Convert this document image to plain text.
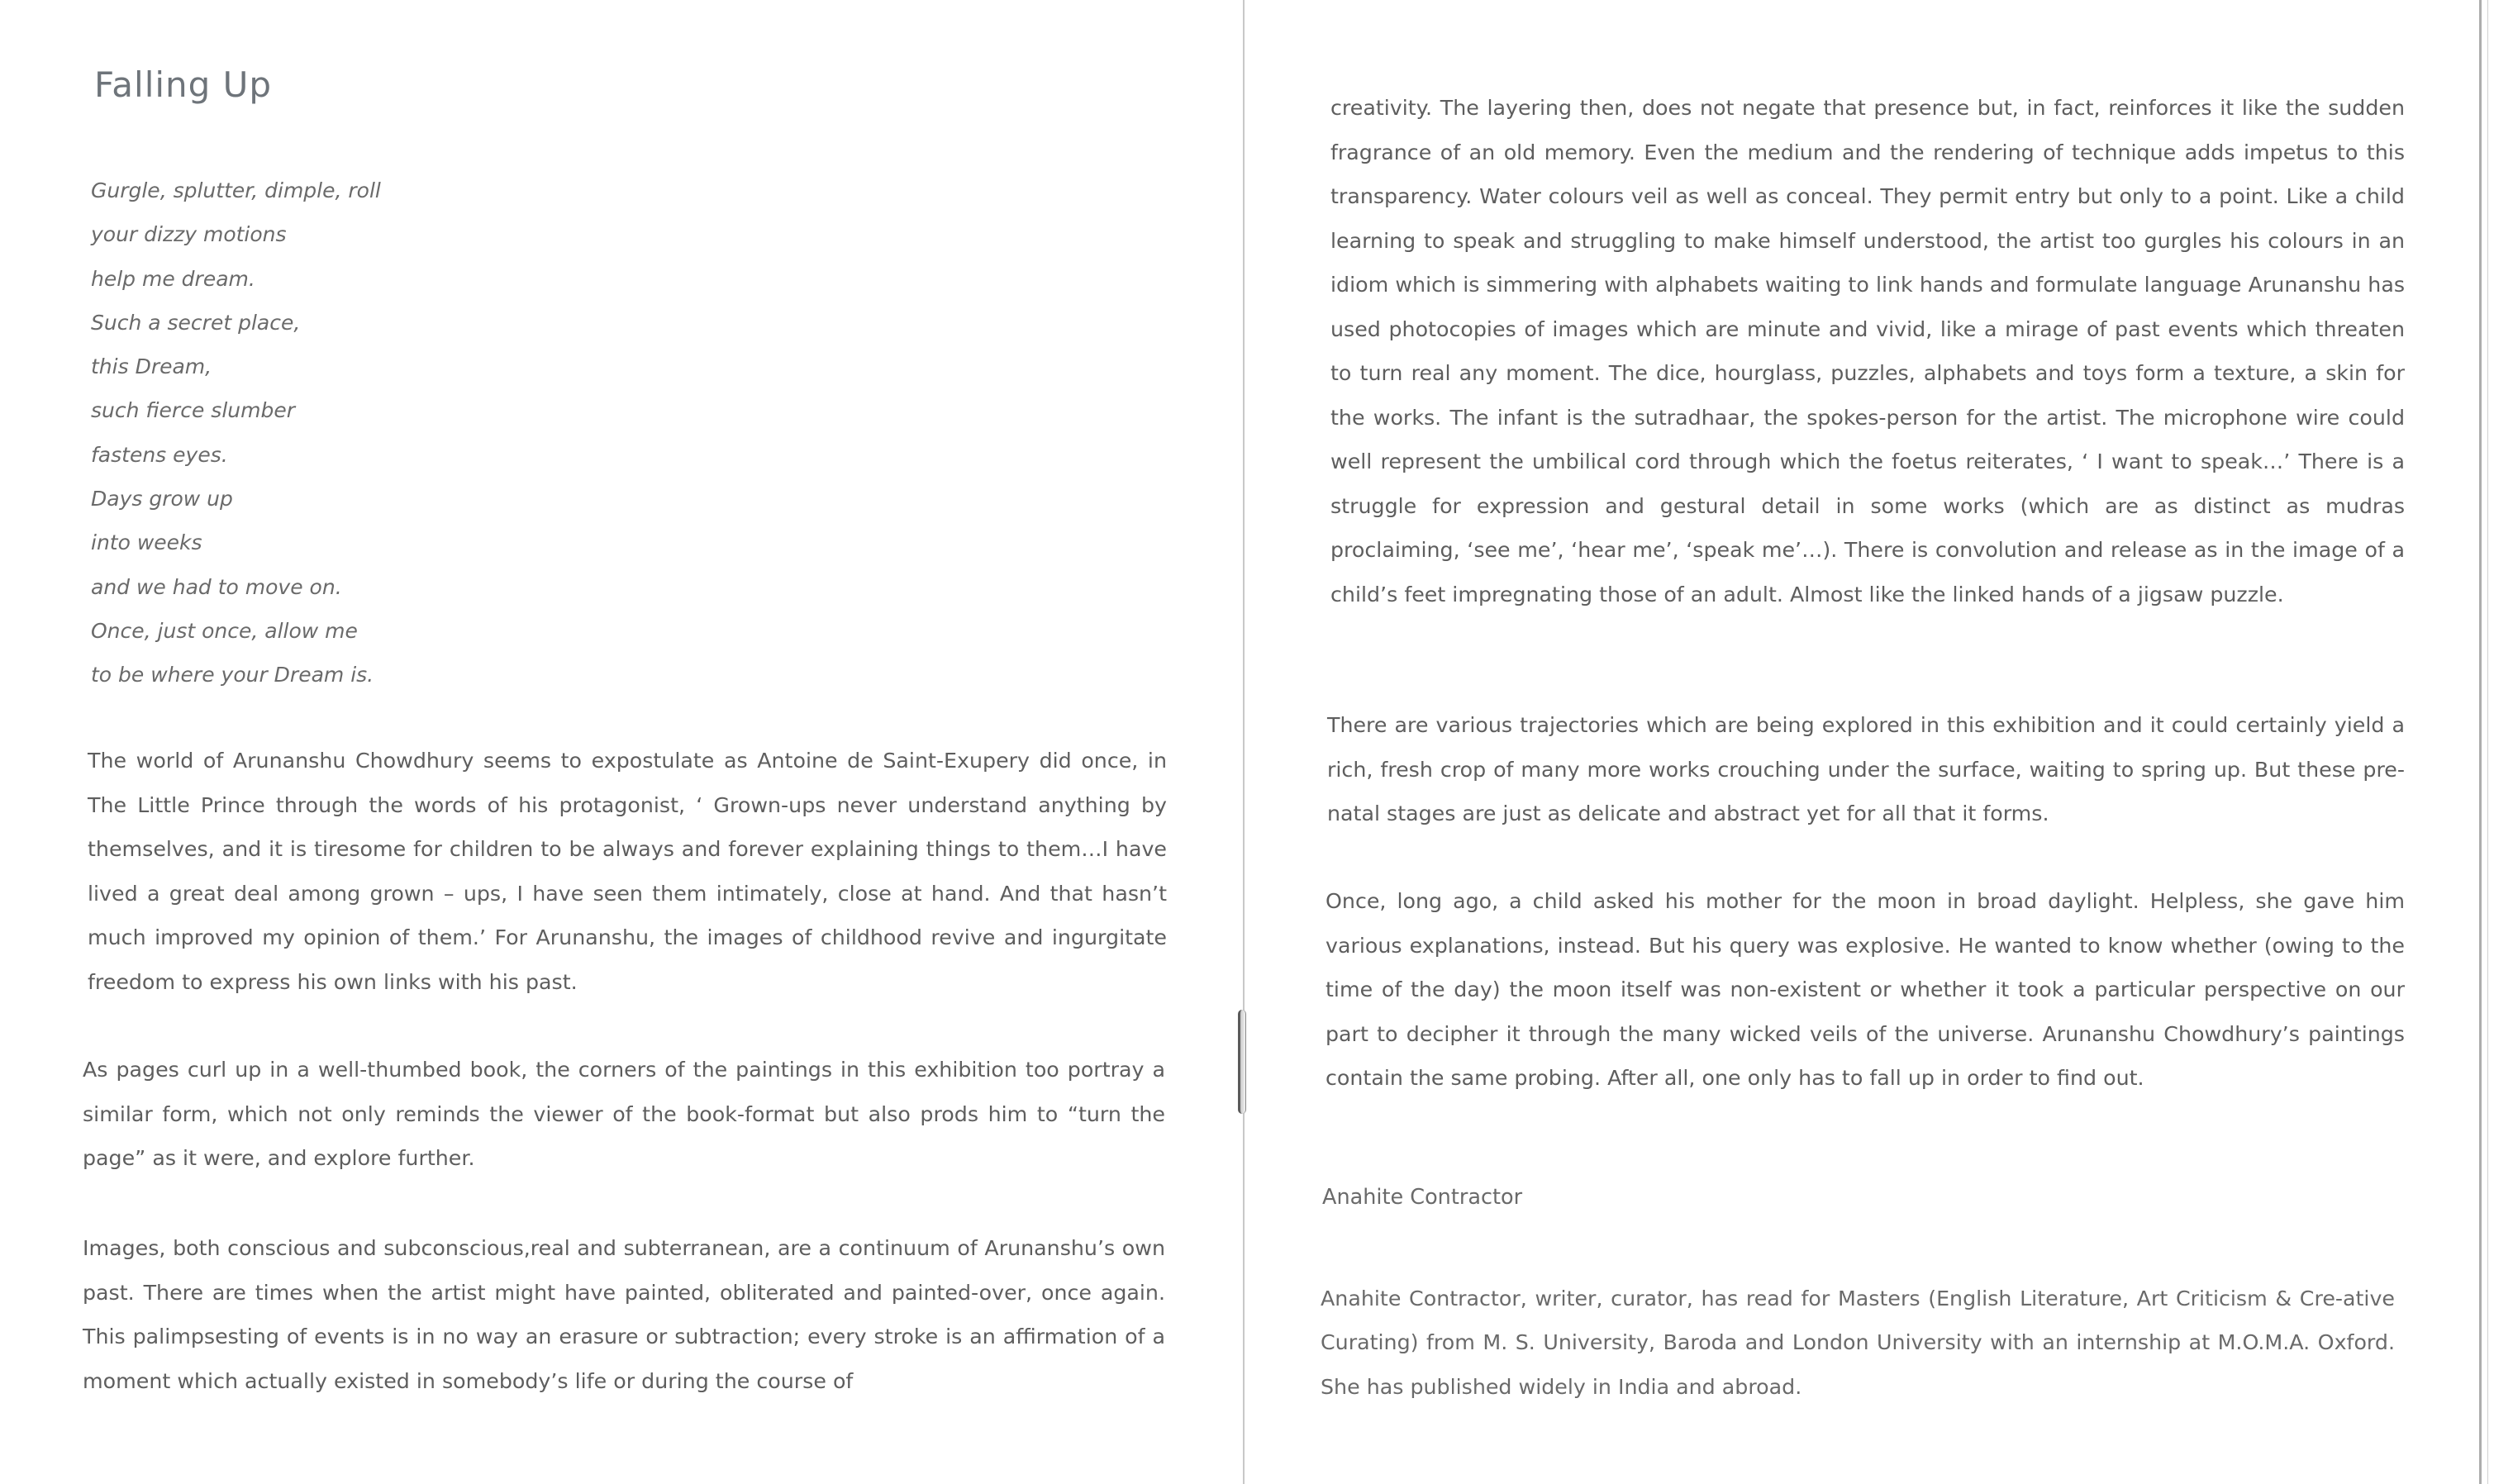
Falling Up
Gurgle, splutter, dimple, roll
your dizzy motions
help me dream.
Such a secret place,
this Dream,
such fierce slumber
fastens eyes.
Days grow up
into weeks
and we had to move on.
Once, just once, allow me
to be where your Dream is.

The world of Arunanshu Chowdhury seems to expostulate as Antoine de Saint-Exupery did once, in The Little Prince through the words of his protagonist, ‘ Grown-ups never understand anything by themselves, and it is tiresome for children to be always and forever explaining things to them…I have lived a great deal among grown – ups, I have seen them intimately, close at hand. And that hasn’t much improved my opinion of them.’ For Arunanshu, the images of childhood revive and ingurgitate freedom to express his own links with his past.

As pages curl up in a well-thumbed book, the corners of the paintings in this exhibition too portray a similar form, which not only reminds the viewer of the book-format but also prods him to “turn the page” as it were, and explore further.

Images, both conscious and subconscious,real and subterranean, are a continuum of Arunanshu’s own past. There are times when the artist might have painted, obliterated and painted-over, once again. This palimpsesting of events is in no way an erasure or subtraction; every stroke is an affirmation of a moment which actually existed in somebody’s life or during the course of

creativity. The layering then, does not negate that presence but, in fact, reinforces it like the sudden fragrance of an old memory. Even the medium and the rendering of technique adds impetus to this transparency. Water colours veil as well as conceal. They permit entry but only to a point. Like a child learning to speak and struggling to make himself understood, the artist too gurgles his colours in an idiom which is simmering with alphabets waiting to link hands and formulate language Arunanshu has used photocopies of images which are minute and vivid, like a mirage of past events which threaten to turn real any moment. The dice, hourglass, puzzles, alphabets and toys form a texture, a skin for the works. The infant is the sutradhaar, the spokes-person for the artist. The microphone wire could well represent the umbilical cord through which the foetus reiterates, ‘ I want to speak…’ There is a struggle for expression and gestural detail in some works (which are as distinct as mudras proclaiming, ‘see me’, ‘hear me’, ‘speak me’…). There is convolution and release as in the image of a child’s feet impregnating those of an adult. Almost like the linked hands of a jigsaw puzzle.

There are various trajectories which are being explored in this exhibition and it could certainly yield a rich, fresh crop of many more works crouching under the surface, waiting to spring up. But these pre-natal stages are just as delicate and abstract yet for all that it forms.

Once, long ago, a child asked his mother for the moon in broad daylight. Helpless, she gave him various explanations, instead. But his query was explosive. He wanted to know whether (owing to the time of the day) the moon itself was non-existent or whether it took a particular perspective on our part to decipher it through the many wicked veils of the universe. Arunanshu Chowdhury’s paintings contain the same probing. After all, one only has to fall up in order to find out.

Anahite Contractor

Anahite Contractor, writer, curator, has read for Masters (English Literature, Art Criticism & Cre-ative Curating) from M. S. University, Baroda and London University with an internship at M.O.M.A. Oxford. She has published widely in India and abroad.
